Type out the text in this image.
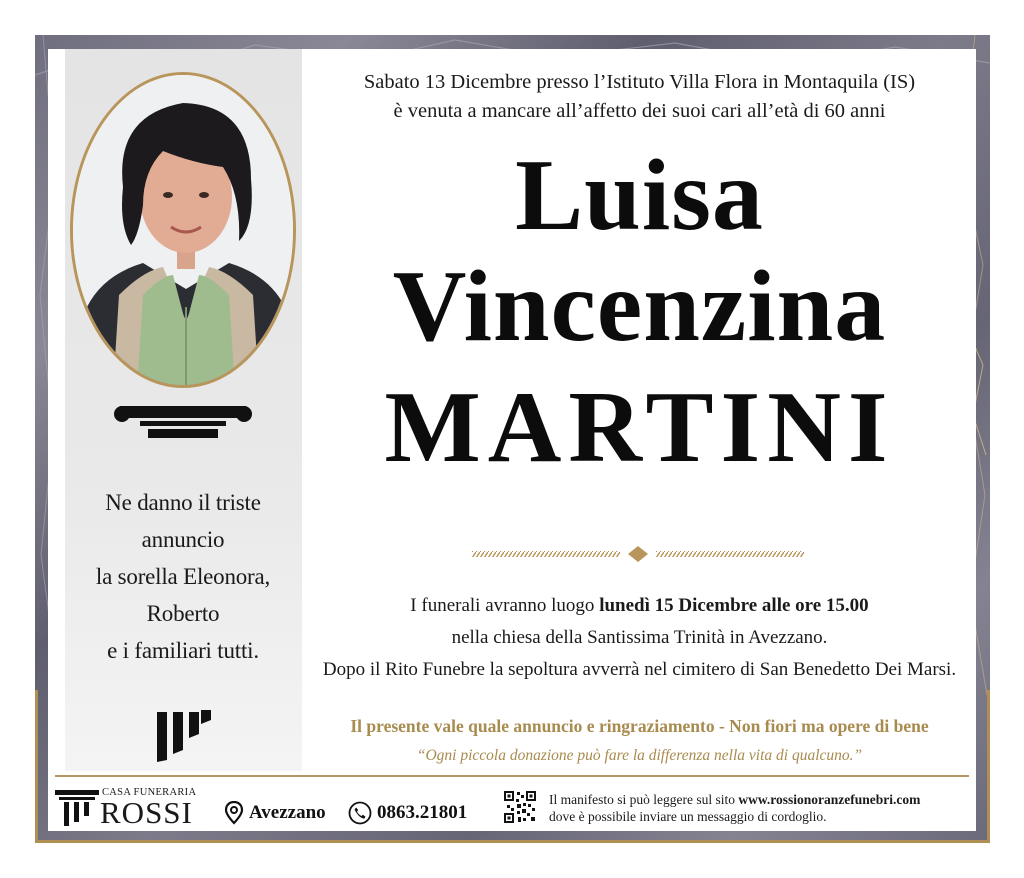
Ne danno il triste
annuncio
la sorella Eleonora,
Roberto
e i familiari tutti.
Sabato 13 Dicembre presso l’Istituto Villa Flora in Montaquila (IS)
è venuta a mancare all’affetto dei suoi cari all’età di 60 anni
Luisa
Vincenzina
MARTINI
I funerali avranno luogo lunedì 15 Dicembre alle ore 15.00
nella chiesa della Santissima Trinità in Avezzano.
Dopo il Rito Funebre la sepoltura avverrà nel cimitero di San Benedetto Dei Marsi.
Il presente vale quale annuncio e ringraziamento - Non fiori ma opere di bene
“Ogni piccola donazione può fare la differenza nella vita di qualcuno.”
CASA FUNERARIA
ROSSI	Avezzano	0863.21801
Il manifesto si può leggere sul sito www.rossionoranzefunebri.com
dove è possibile inviare un messaggio di cordoglio.
